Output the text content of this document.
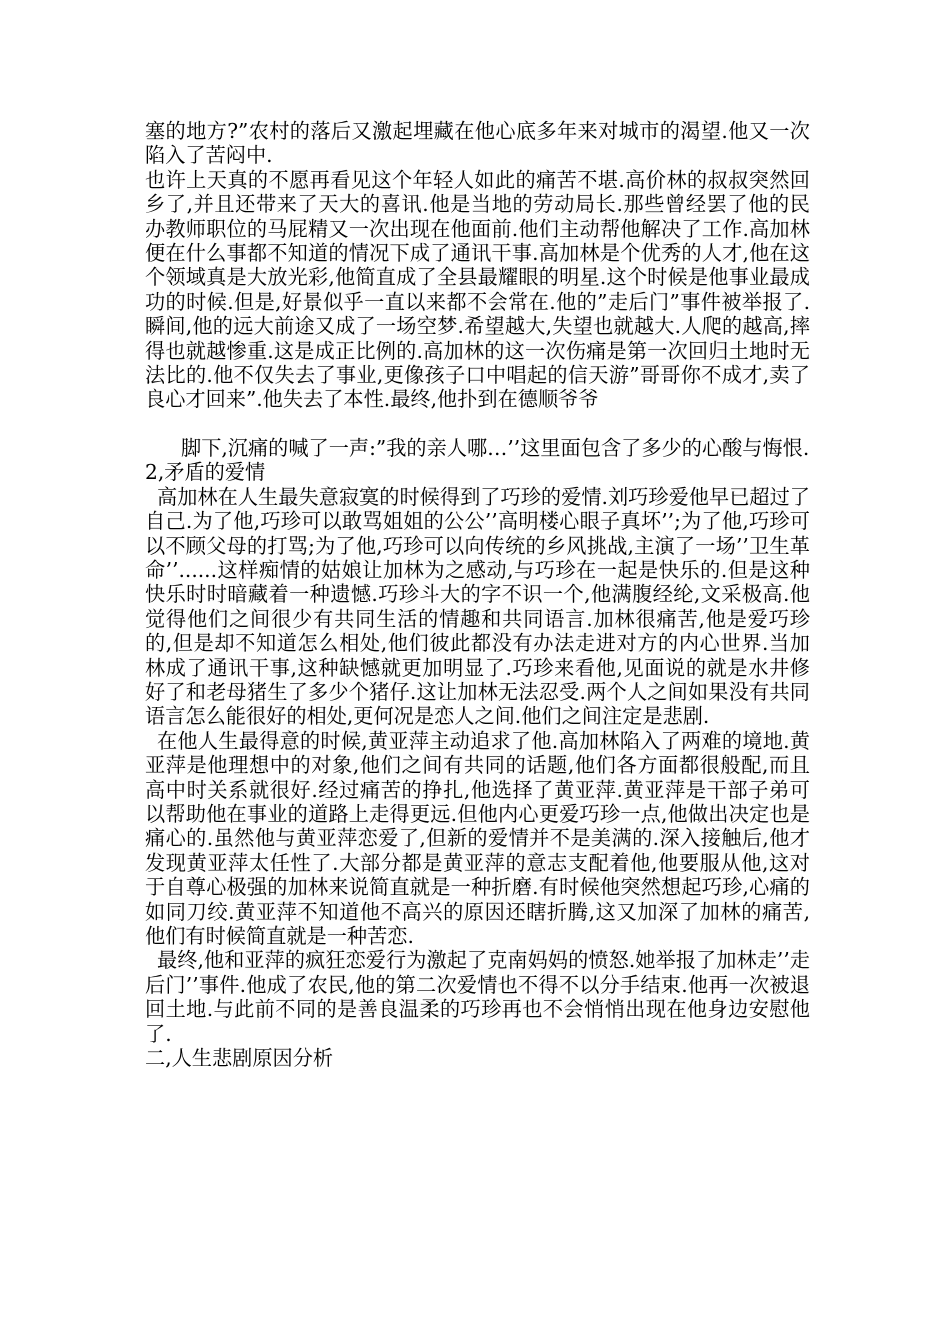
塞的地方?”农村的落后又激起埋藏在他心底多年来对城市的渴望.他又一次陷入了苦闷中.

也许上天真的不愿再看见这个年轻人如此的痛苦不堪.高价林的叔叔突然回乡了,并且还带来了天大的喜讯.他是当地的劳动局长.那些曾经罢了他的民办教师职位的马屁精又一次出现在他面前.他们主动帮他解决了工作.高加林便在什么事都不知道的情况下成了通讯干事.高加林是个优秀的人才,他在这个领域真是大放光彩,他简直成了全县最耀眼的明星.这个时候是他事业最成功的时候.但是,好景似乎一直以来都不会常在.他的”走后门”事件被举报了.瞬间,他的远大前途又成了一场空梦.希望越大,失望也就越大.人爬的越高,摔得也就越惨重.这是成正比例的.高加林的这一次伤痛是第一次回归土地时无法比的.他不仅失去了事业,更像孩子口中唱起的信天游”哥哥你不成才,卖了良心才回来”.他失去了本性.最终,他扑到在德顺爷爷

脚下,沉痛的喊了一声:”我的亲人哪…’’这里面包含了多少的心酸与悔恨.

2,矛盾的爱情

高加林在人生最失意寂寞的时候得到了巧珍的爱情.刘巧珍爱他早已超过了自己.为了他,巧珍可以敢骂姐姐的公公’’高明楼心眼子真坏’’;为了他,巧珍可以不顾父母的打骂;为了他,巧珍可以向传统的乡风挑战,主演了一场’’卫生革命’’......这样痴情的姑娘让加林为之感动,与巧珍在一起是快乐的.但是这种快乐时时暗藏着一种遗憾.巧珍斗大的字不识一个,他满腹经纶,文采极高.他觉得他们之间很少有共同生活的情趣和共同语言.加林很痛苦,他是爱巧珍的,但是却不知道怎么相处,他们彼此都没有办法走进对方的内心世界.当加林成了通讯干事,这种缺憾就更加明显了.巧珍来看他,见面说的就是水井修好了和老母猪生了多少个猪仔.这让加林无法忍受.两个人之间如果没有共同语言怎么能很好的相处,更何况是恋人之间.他们之间注定是悲剧.

在他人生最得意的时候,黄亚萍主动追求了他.高加林陷入了两难的境地.黄亚萍是他理想中的对象,他们之间有共同的话题,他们各方面都很般配,而且高中时关系就很好.经过痛苦的挣扎,他选择了黄亚萍.黄亚萍是干部子弟可以帮助他在事业的道路上走得更远.但他内心更爱巧珍一点,他做出决定也是痛心的.虽然他与黄亚萍恋爱了,但新的爱情并不是美满的.深入接触后,他才发现黄亚萍太任性了.大部分都是黄亚萍的意志支配着他,他要服从他,这对于自尊心极强的加林来说简直就是一种折磨.有时候他突然想起巧珍,心痛的如同刀绞.黄亚萍不知道他不高兴的原因还瞎折腾,这又加深了加林的痛苦,他们有时候简直就是一种苦恋.

最终,他和亚萍的疯狂恋爱行为激起了克南妈妈的愤怒.她举报了加林走’’走后门’’事件.他成了农民,他的第二次爱情也不得不以分手结束.他再一次被退回土地.与此前不同的是善良温柔的巧珍再也不会悄悄出现在他身边安慰他了.

二,人生悲剧原因分析
